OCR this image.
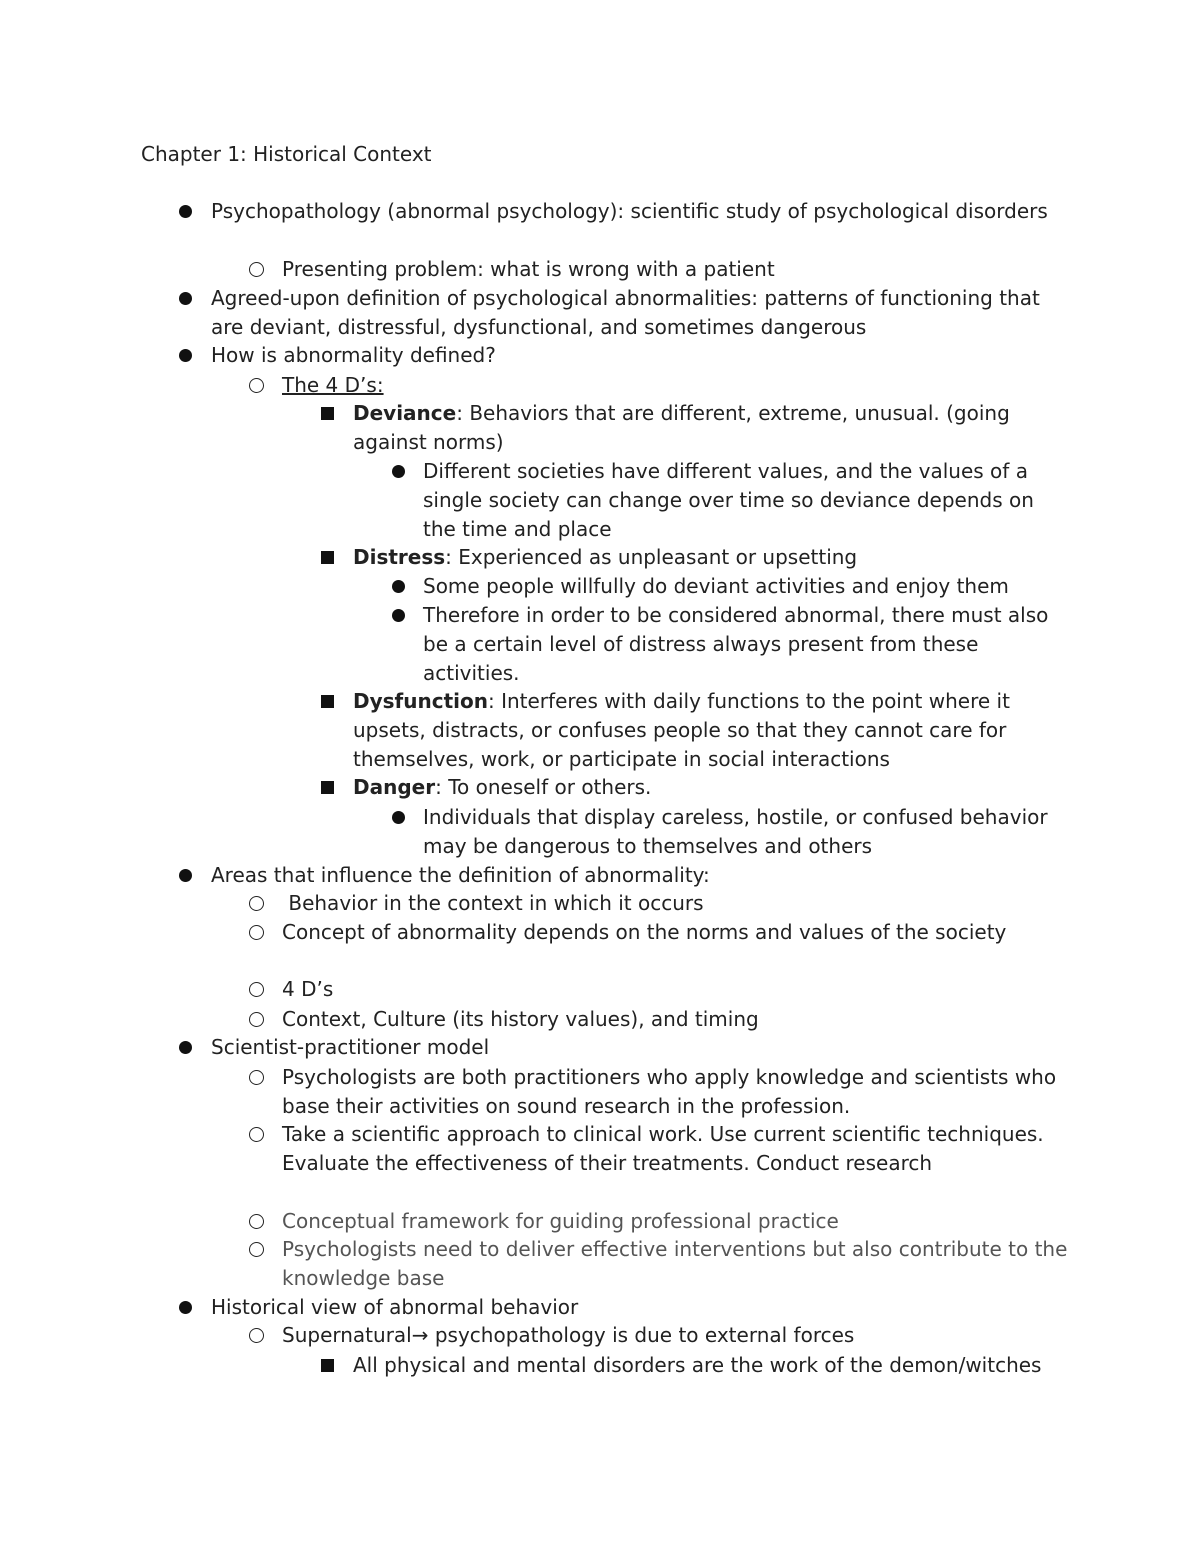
Chapter 1: Historical Context
Psychopathology (abnormal psychology): scientific study of psychological disorders
Presenting problem: what is wrong with a patient
Agreed-upon definition of psychological abnormalities: patterns of functioning that are deviant, distressful, dysfunctional, and sometimes dangerous
How is abnormality defined?
The 4 D’s:
Deviance: Behaviors that are different, extreme, unusual. (going against norms)
Different societies have different values, and the values of a single society can change over time so deviance depends on the time and place
Distress: Experienced as unpleasant or upsetting
Some people willfully do deviant activities and enjoy them
Therefore in order to be considered abnormal, there must also be a certain level of distress always present from these activities.
Dysfunction: Interferes with daily functions to the point where it upsets, distracts, or confuses people so that they cannot care for themselves, work, or participate in social interactions
Danger: To oneself or others.
Individuals that display careless, hostile, or confused behavior may be dangerous to themselves and others
Areas that influence the definition of abnormality:
Behavior in the context in which it occurs
Concept of abnormality depends on the norms and values of the society
4 D’s
Context, Culture (its history values), and timing
Scientist-practitioner model
Psychologists are both practitioners who apply knowledge and scientists who base their activities on sound research in the profession.
Take a scientific approach to clinical work. Use current scientific techniques. Evaluate the effectiveness of their treatments. Conduct research
Conceptual framework for guiding professional practice
Psychologists need to deliver effective interventions but also contribute to the knowledge base
Historical view of abnormal behavior
Supernatural→ psychopathology is due to external forces
All physical and mental disorders are the work of the demon/witches
